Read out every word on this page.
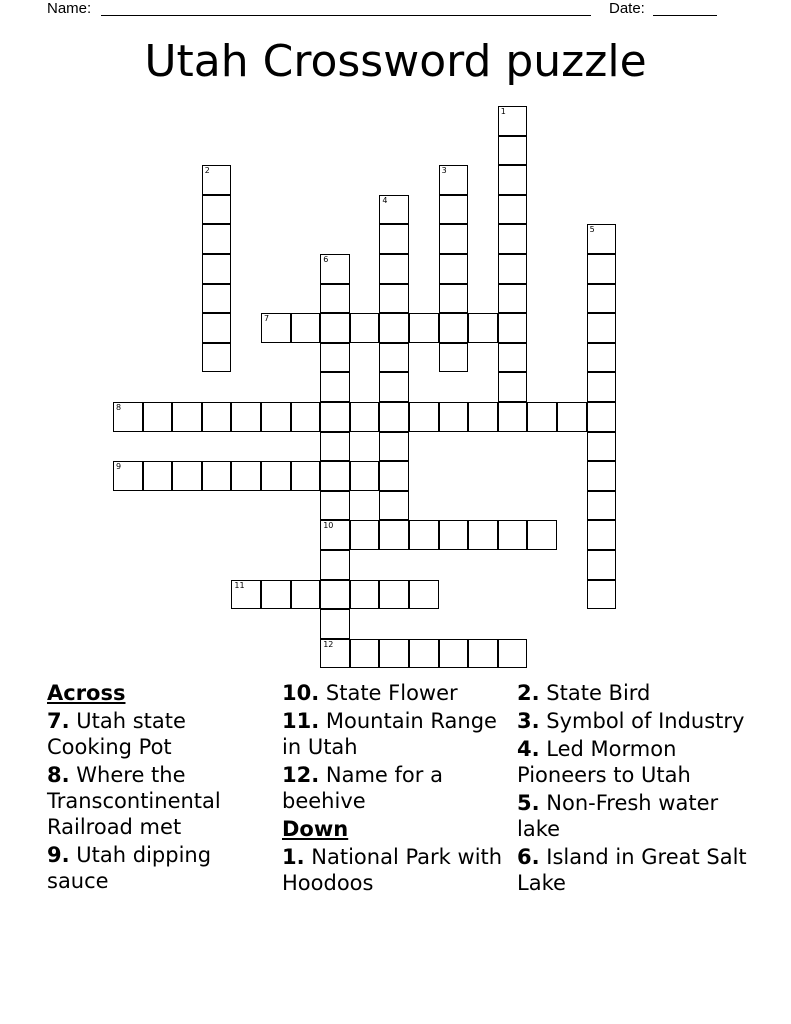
Name:	Date:
Utah Crossword puzzle
1
2	3
4
5
6
10
12
7
8
9
11
Across
7. Utah state Cooking Pot
8. Where the Transcontinental Railroad met
9. Utah dipping sauce
10. State Flower
11. Mountain Range in Utah
12. Name for a beehive
Down
1. National Park with Hoodoos
2. State Bird
3. Symbol of Industry
4. Led Mormon Pioneers to Utah
5. Non-Fresh water lake
6. Island in Great Salt Lake
